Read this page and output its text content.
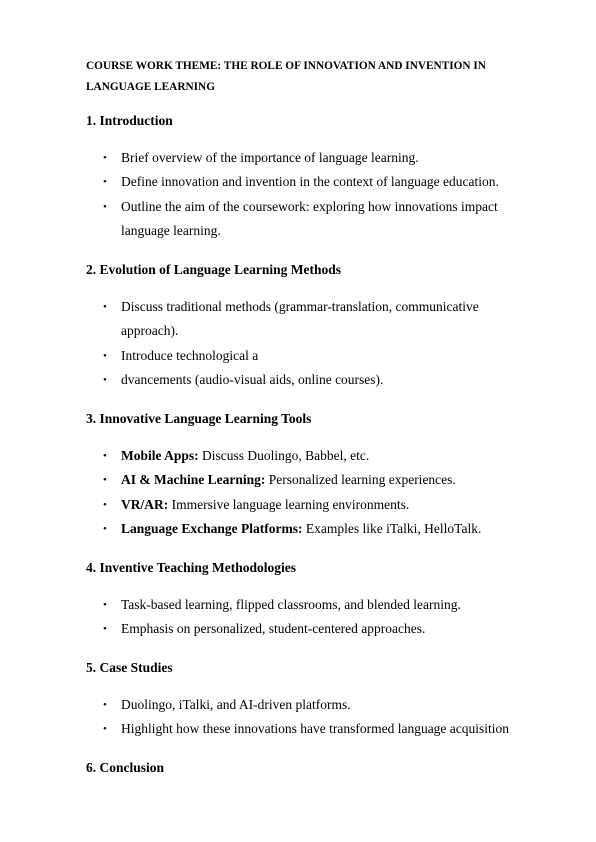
COURSE WORK THEME: THE ROLE OF INNOVATION AND INVENTION IN LANGUAGE LEARNING

1. Introduction
• Brief overview of the importance of language learning.
• Define innovation and invention in the context of language education.
• Outline the aim of the coursework: exploring how innovations impact language learning.
2. Evolution of Language Learning Methods
• Discuss traditional methods (grammar-translation, communicative approach).
• Introduce technological a
• dvancements (audio-visual aids, online courses).
3. Innovative Language Learning Tools
• Mobile Apps: Discuss Duolingo, Babbel, etc.
• AI & Machine Learning: Personalized learning experiences.
• VR/AR: Immersive language learning environments.
• Language Exchange Platforms: Examples like iTalki, HelloTalk.
4. Inventive Teaching Methodologies
• Task-based learning, flipped classrooms, and blended learning.
• Emphasis on personalized, student-centered approaches.
5. Case Studies
• Duolingo, iTalki, and AI-driven platforms.
• Highlight how these innovations have transformed language acquisition
6. Conclusion
